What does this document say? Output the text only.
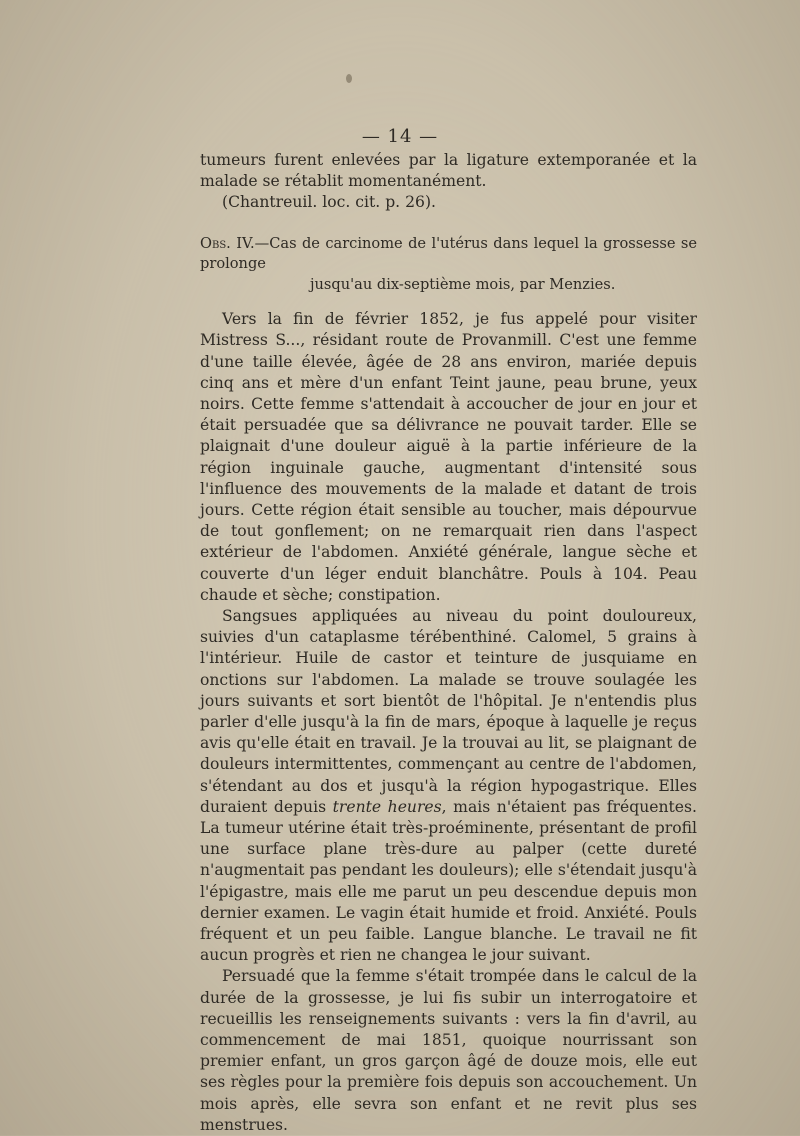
— 14 —

tumeurs furent enlevées par la ligature extemporanée et la malade se rétablit momentanément.

(Chantreuil. loc. cit. p. 26).

Obs. IV.—Cas de carcinome de l'utérus dans lequel la grossesse se prolonge
jusqu'au dix-septième mois, par Menzies.

Vers la fin de février 1852, je fus appelé pour visiter Mistress S..., résidant route de Provanmill. C'est une femme d'une taille élevée, âgée de 28 ans environ, mariée depuis cinq ans et mère d'un enfant Teint jaune, peau brune, yeux noirs. Cette femme s'attendait à accoucher de jour en jour et était persuadée que sa délivrance ne pouvait tarder. Elle se plaignait d'une douleur aiguë à la partie inférieure de la région inguinale gauche, augmentant d'intensité sous l'influence des mouvements de la malade et datant de trois jours. Cette région était sensible au toucher, mais dépourvue de tout gonflement; on ne remarquait rien dans l'aspect extérieur de l'abdomen. Anxiété générale, langue sèche et couverte d'un léger enduit blanchâtre. Pouls à 104. Peau chaude et sèche; constipation.

Sangsues appliquées au niveau du point douloureux, suivies d'un cataplasme térébenthiné. Calomel, 5 grains à l'intérieur. Huile de castor et teinture de jusquiame en onctions sur l'abdomen. La malade se trouve soulagée les jours suivants et sort bientôt de l'hôpital. Je n'entendis plus parler d'elle jusqu'à la fin de mars, époque à laquelle je reçus avis qu'elle était en travail. Je la trouvai au lit, se plaignant de douleurs intermittentes, commençant au centre de l'abdomen, s'étendant au dos et jusqu'à la région hypogastrique. Elles duraient depuis trente heures, mais n'étaient pas fréquentes. La tumeur utérine était très-proéminente, présentant de profil une surface plane très-dure au palper (cette dureté n'augmentait pas pendant les douleurs); elle s'étendait jusqu'à l'épigastre, mais elle me parut un peu descendue depuis mon dernier examen. Le vagin était humide et froid. Anxiété. Pouls fréquent et un peu faible. Langue blanche. Le travail ne fit aucun progrès et rien ne changea le jour suivant.

Persuadé que la femme s'était trompée dans le calcul de la durée de la grossesse, je lui fis subir un interrogatoire et recueillis les renseignements suivants : vers la fin d'avril, au commencement de mai 1851, quoique nourrissant son premier enfant, un gros garçon âgé de douze mois, elle eut ses règles pour la première fois depuis son accouchement. Un mois après, elle sevra son enfant et ne revit plus ses menstrues.
